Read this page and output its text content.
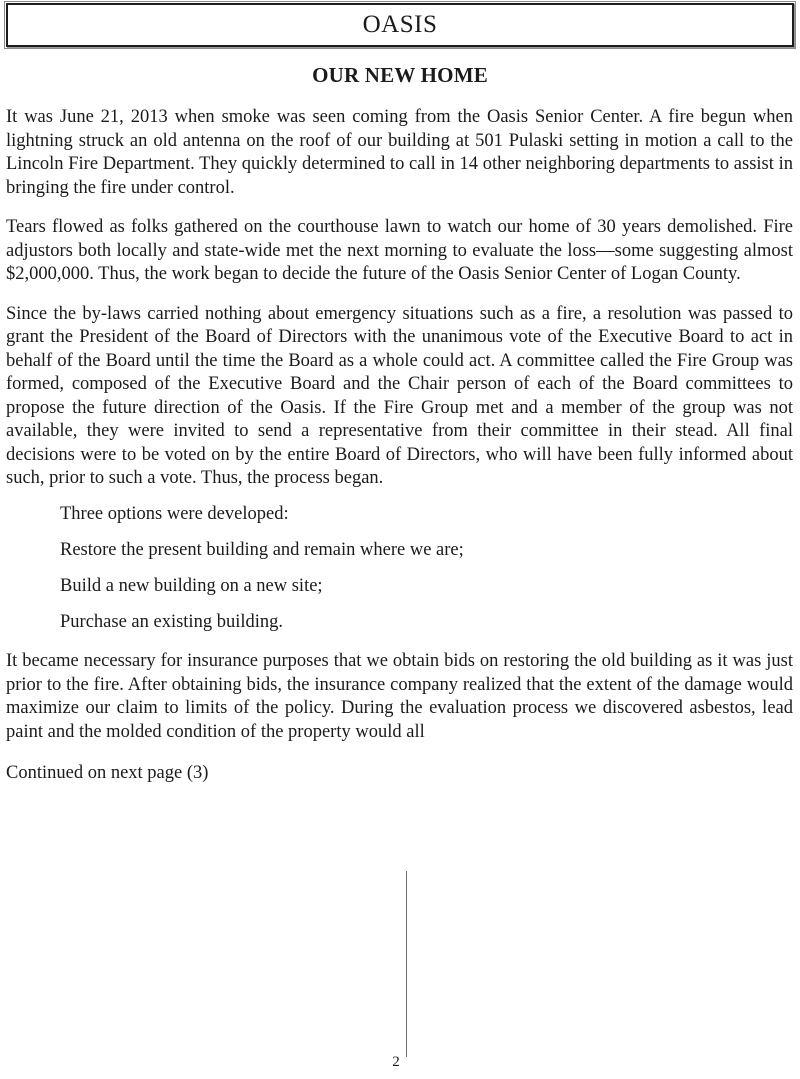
OASIS
OUR NEW HOME

It was June 21, 2013 when smoke was seen coming from the Oasis Senior Center. A fire begun when lightning struck an old antenna on the roof of our building at 501 Pulaski setting in motion a call to the Lincoln Fire Department. They quickly determined to call in 14 other neighboring departments to assist in bringing the fire under control.

Tears flowed as folks gathered on the courthouse lawn to watch our home of 30 years demolished. Fire adjustors both locally and state-wide met the next morning to evaluate the loss—some suggesting almost $2,000,000. Thus, the work began to decide the future of the Oasis Senior Center of Logan County.

Since the by-laws carried nothing about emergency situations such as a fire, a resolution was passed to grant the President of the Board of Directors with the unanimous vote of the Executive Board to act in behalf of the Board until the time the Board as a whole could act. A committee called the Fire Group was formed, composed of the Executive Board and the Chair person of each of the Board committees to propose the future direction of the Oasis. If the Fire Group met and a member of the group was not available, they were invited to send a representative from their committee in their stead. All final decisions were to be voted on by the entire Board of Directors, who will have been fully informed about such, prior to such a vote. Thus, the process began.

Three options were developed:
Restore the present building and remain where we are;
Build a new building on a new site;
Purchase an existing building.

It became necessary for insurance purposes that we obtain bids on restoring the old building as it was just prior to the fire. After obtaining bids, the insurance company realized that the extent of the damage would maximize our claim to limits of the policy. During the evaluation process we discovered asbestos, lead paint and the molded condition of the property would all

Continued on next page (3)

2
